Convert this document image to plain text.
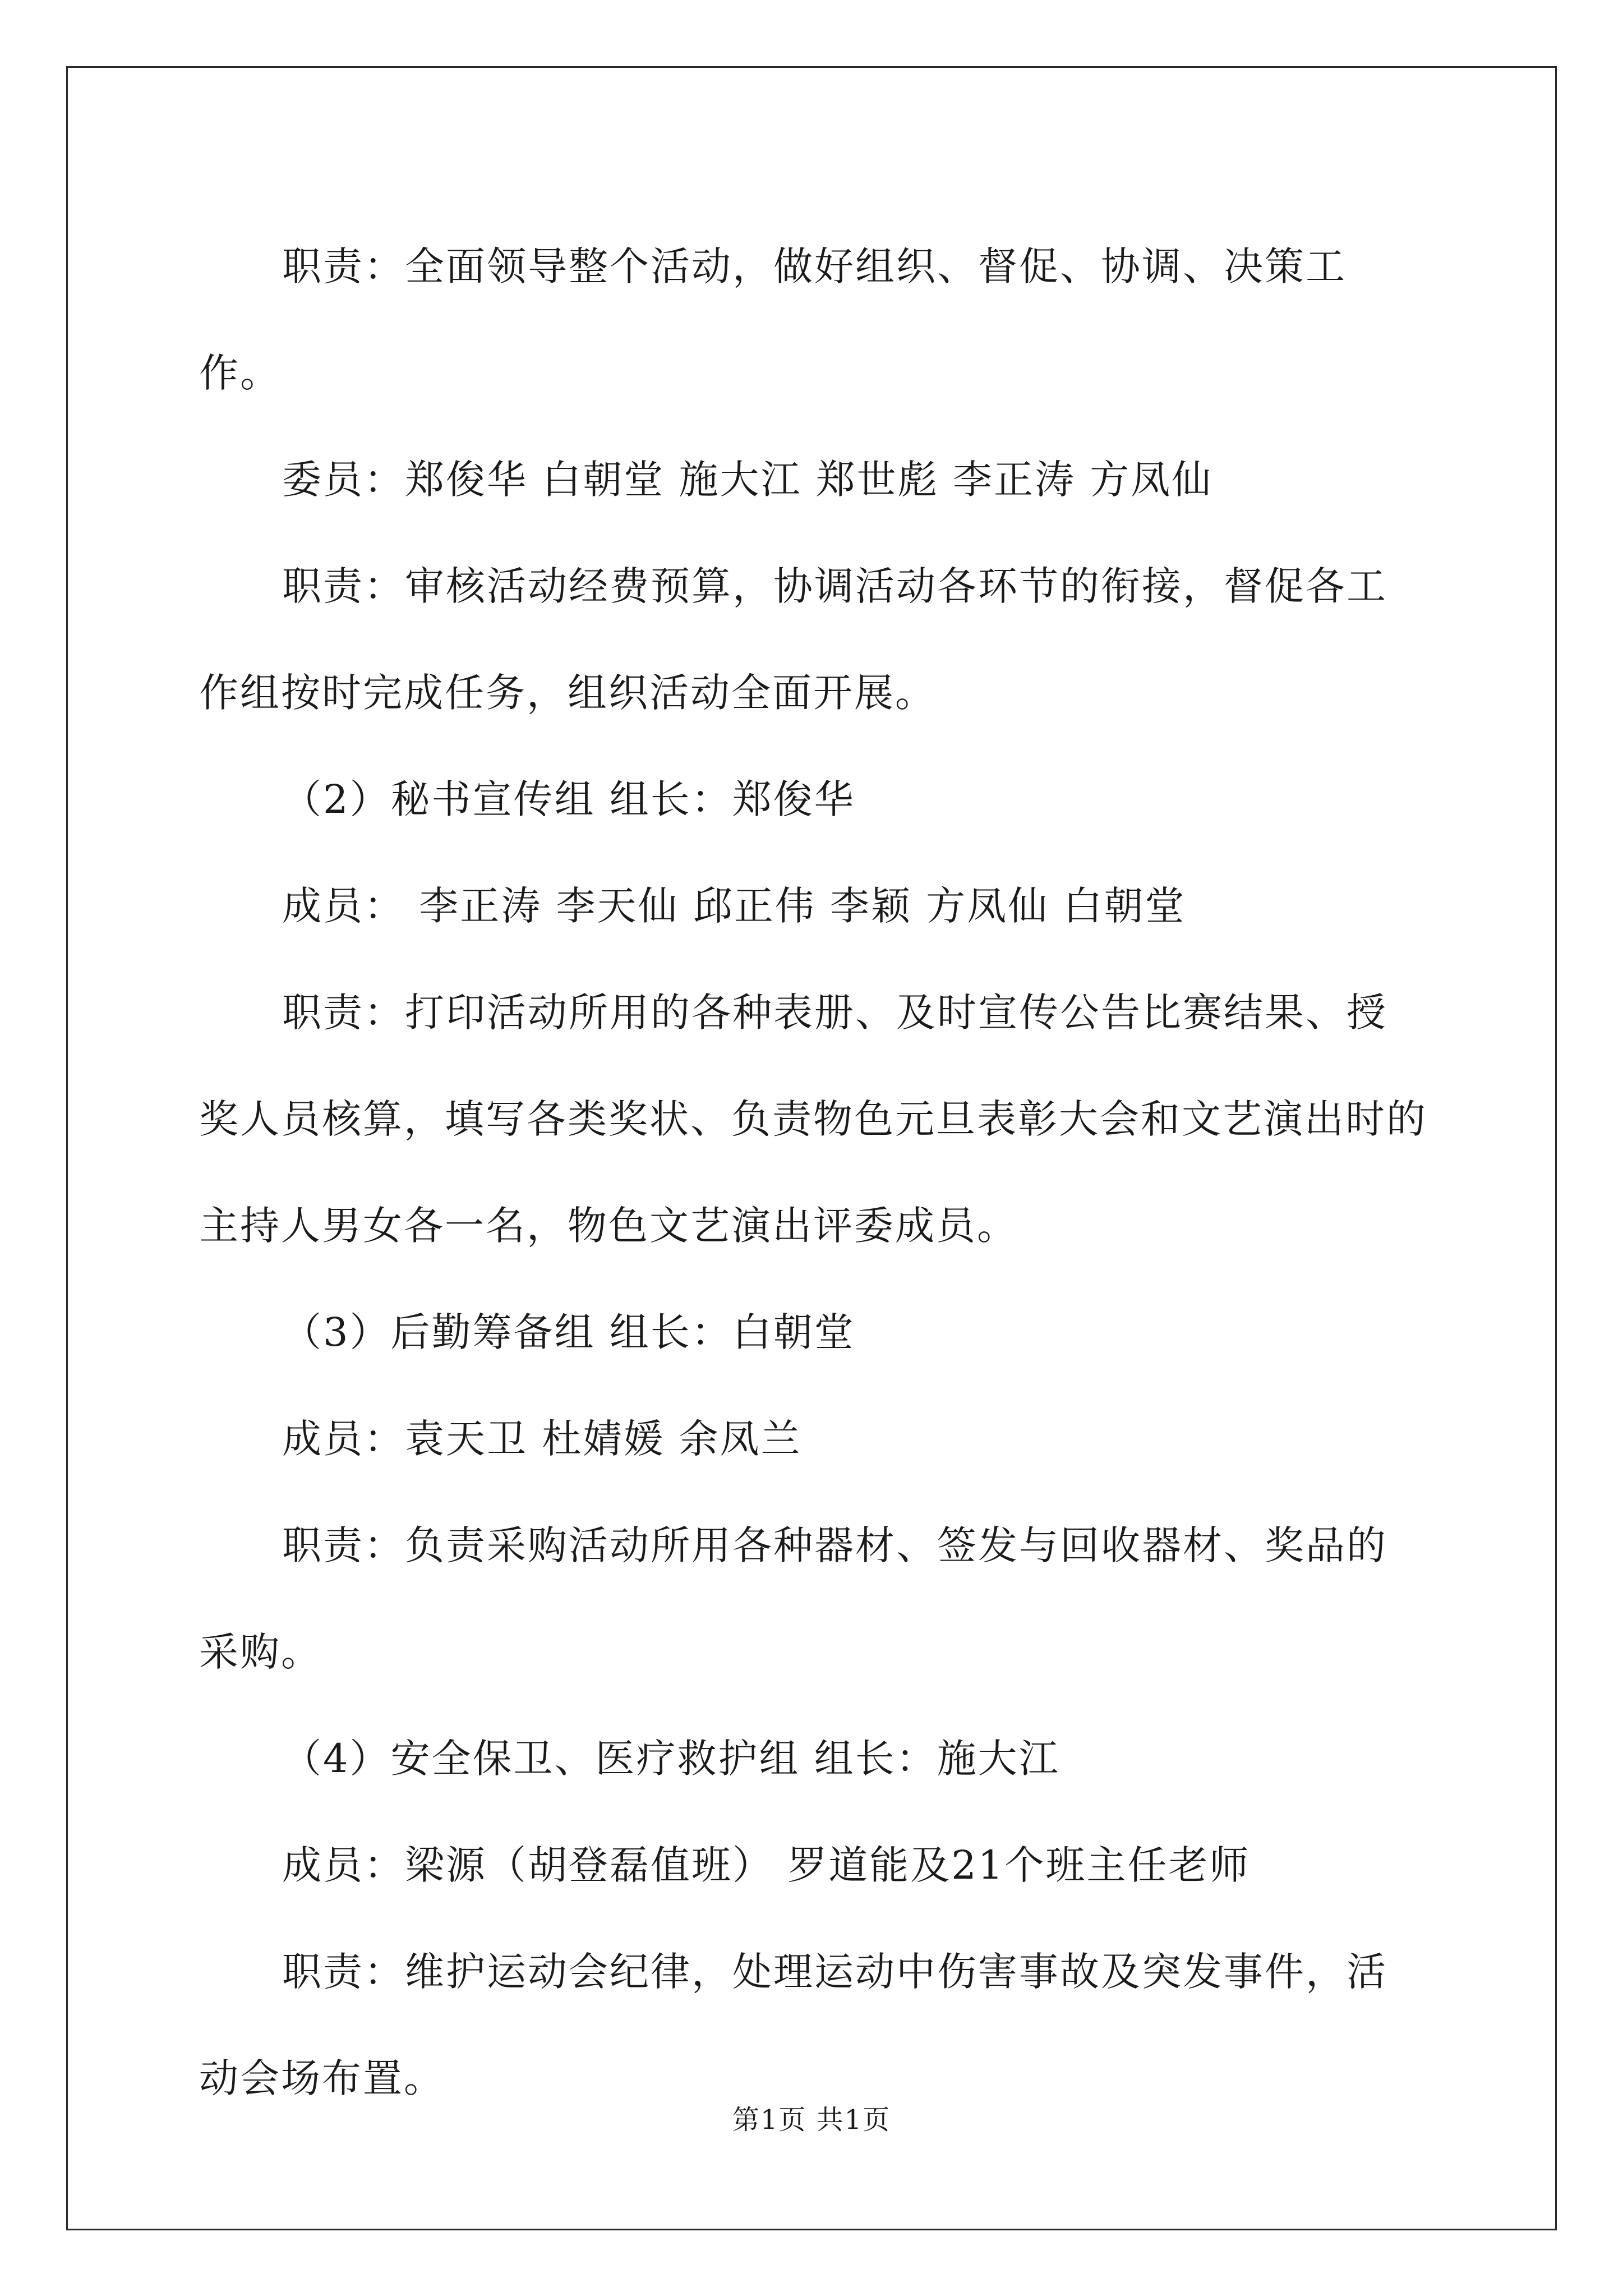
职责：全面领导整个活动，做好组织、督促、协调、决策工作。

委员：郑俊华 白朝堂 施大江 郑世彪 李正涛 方凤仙

职责：审核活动经费预算，协调活动各环节的衔接，督促各工作组按时完成任务，组织活动全面开展。

（2）秘书宣传组 组长：郑俊华

成员： 李正涛 李天仙 邱正伟 李颖 方凤仙 白朝堂

职责：打印活动所用的各种表册、及时宣传公告比赛结果、授奖人员核算，填写各类奖状、负责物色元旦表彰大会和文艺演出时的主持人男女各一名，物色文艺演出评委成员。

（3）后勤筹备组 组长：白朝堂

成员：袁天卫 杜婧媛 余凤兰

职责：负责采购活动所用各种器材、签发与回收器材、奖品的采购。

（4）安全保卫、医疗救护组 组长：施大江

成员：梁源（胡登磊值班） 罗道能及21个班主任老师

职责：维护运动会纪律，处理运动中伤害事故及突发事件，活动会场布置。

第1页 共1页
